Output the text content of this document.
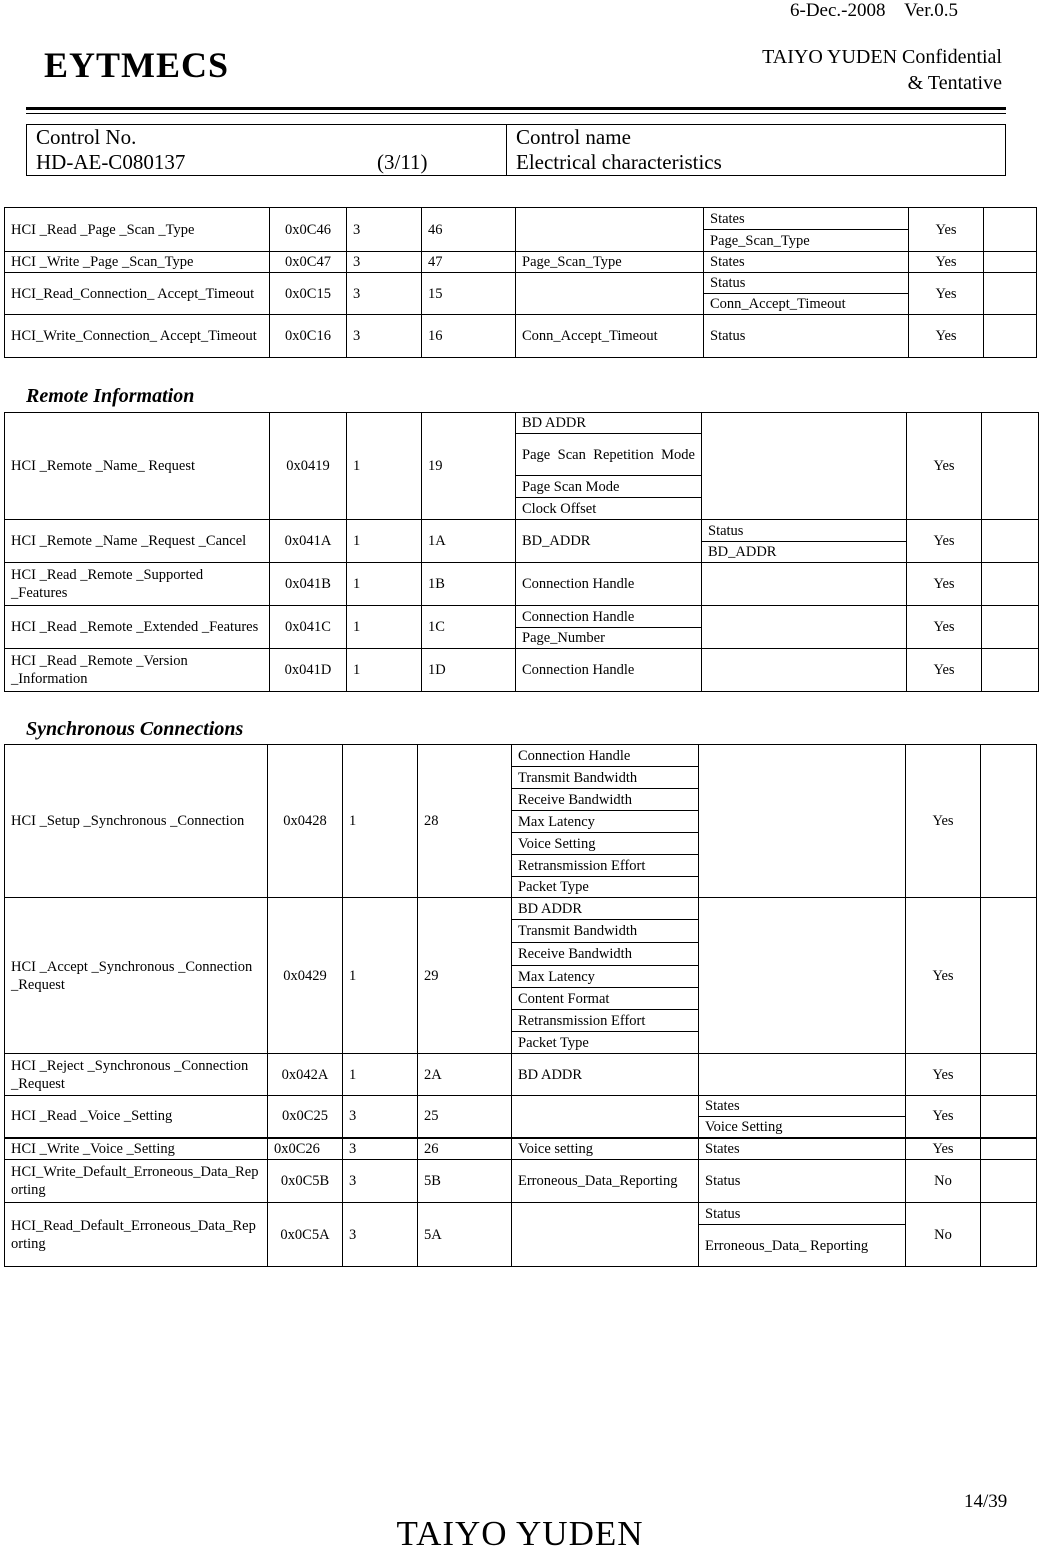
6-Dec.-2008    Ver.0.5
EYTMECS	TAIYO YUDEN Confidential
& Tentative
Control No.
HD-AE-C080137	(3/11)
Control name
Electrical characteristics
HCI _Read _Page _Scan _Type	0x0C46	3	46		States	Yes	
					Page_Scan_Type		
HCI _Write _Page _Scan_Type	0x0C47	3	47	Page_Scan_Type	States	Yes	
HCI_Read_Connection_ Accept_Timeout	0x0C15	3	15		Status	Yes	
					Conn_Accept_Timeout		
HCI_Write_Connection_ Accept_Timeout	0x0C16	3	16	Conn_Accept_Timeout	Status	Yes	
Remote Information
HCI _Remote _Name_ Request	0x0419	1	19	BD ADDR		Yes	
				Page Scan Repetition Mode			
				Page Scan Mode			
				Clock Offset			
HCI _Remote _Name _Request _Cancel	0x041A	1	1A	BD_ADDR	Status	Yes	
					BD_ADDR		
HCI _Read _Remote _Supported _Features	0x041B	1	1B	Connection Handle		Yes	
HCI _Read _Remote _Extended _Features	0x041C	1	1C	Connection Handle		Yes	
				Page_Number			
HCI _Read _Remote _Version _Information	0x041D	1	1D	Connection Handle		Yes	
Synchronous Connections
HCI _Setup _Synchronous _Connection	0x0428	1	28	Connection Handle		Yes	
				Transmit Bandwidth			
				Receive Bandwidth			
				Max Latency			
				Voice Setting			
				Retransmission Effort			
				Packet Type			
HCI _Accept _Synchronous _Connection _Request	0x0429	1	29	BD ADDR		Yes	
				Transmit Bandwidth			
				Receive Bandwidth			
				Max Latency			
				Content Format			
				Retransmission Effort			
				Packet Type			
HCI _Reject _Synchronous _Connection _Request	0x042A	1	2A	BD ADDR		Yes	
HCI _Read _Voice _Setting	0x0C25	3	25		States	Yes	
					Voice Setting		
HCI _Write _Voice _Setting	0x0C26	3	26	Voice setting	States	Yes	
HCI_Write_Default_Erroneous_Data_Reporting	0x0C5B	3	5B	Erroneous_Data_Reporting	Status	No	
HCI_Read_Default_Erroneous_Data_Reporting	0x0C5A	3	5A		Status	No	
					Erroneous_Data_ Reporting		
14/39
TAIYO YUDEN
